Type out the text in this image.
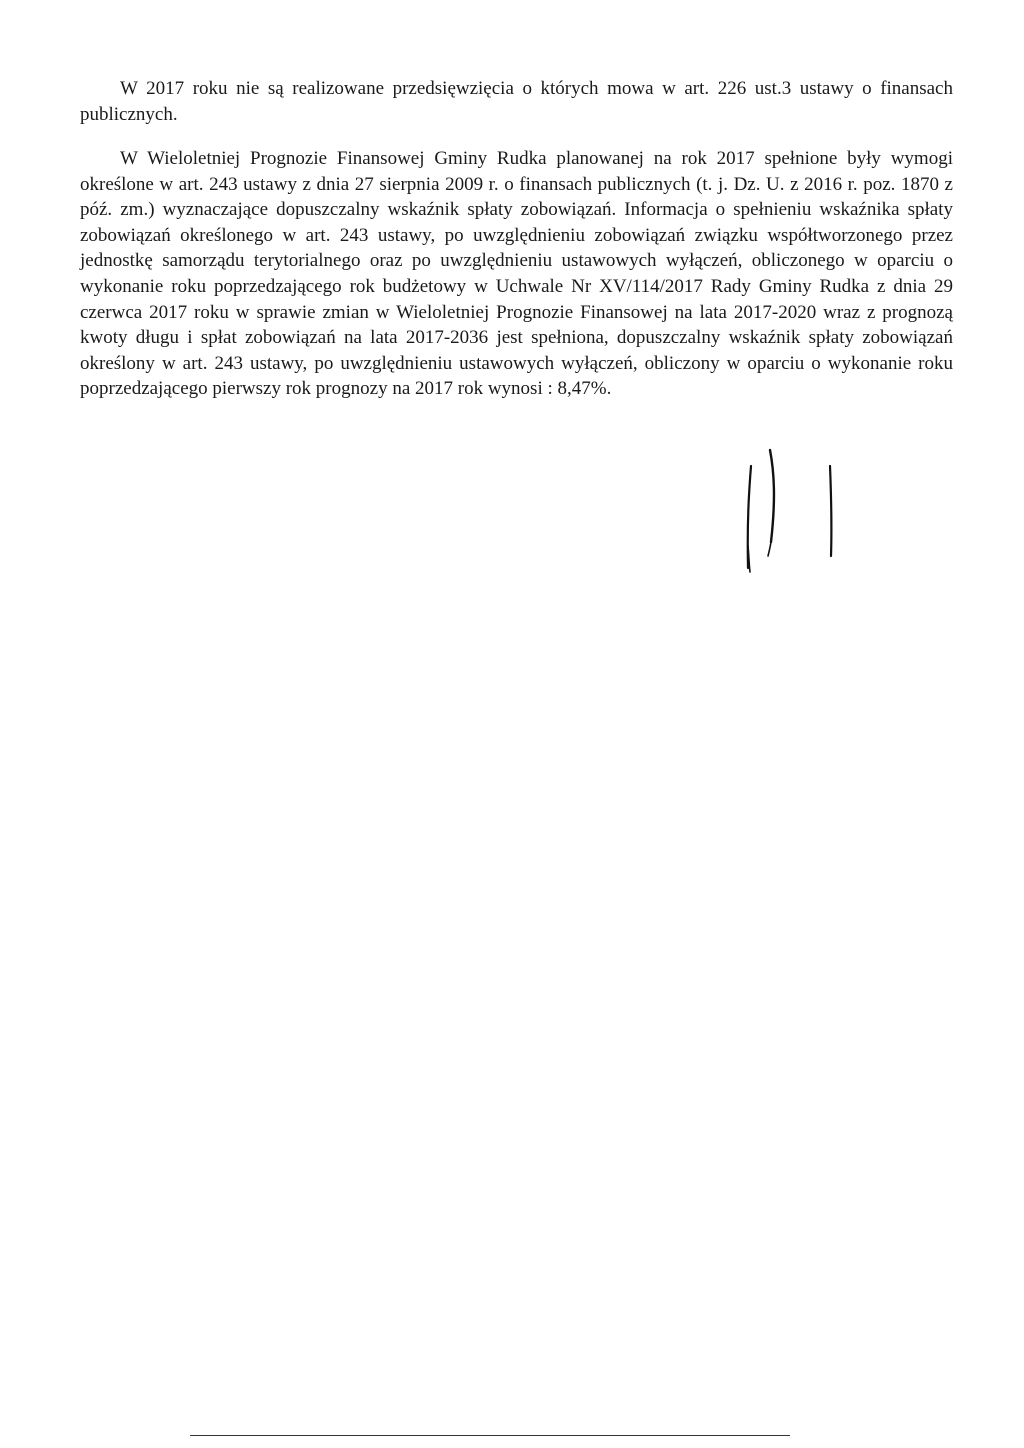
W 2017 roku nie są realizowane przedsięwzięcia o których mowa w art. 226 ust.3 ustawy o finansach publicznych.

W Wieloletniej Prognozie Finansowej Gminy Rudka planowanej na rok 2017 spełnione były wymogi określone w art. 243 ustawy z dnia 27 sierpnia 2009 r. o finansach publicznych (t. j. Dz. U. z 2016 r. poz. 1870 z póź. zm.) wyznaczające dopuszczalny wskaźnik spłaty zobowiązań. Informacja o spełnieniu wskaźnika spłaty zobowiązań określonego w art. 243 ustawy, po uwzględnieniu zobowiązań związku współtworzonego przez jednostkę samorządu terytorialnego oraz po uwzględnieniu ustawowych wyłączeń, obliczonego w oparciu o wykonanie roku poprzedzającego rok budżetowy w Uchwale Nr XV/114/2017 Rady Gminy Rudka z dnia 29 czerwca 2017 roku w sprawie zmian w Wieloletniej Prognozie Finansowej na lata 2017-2020 wraz z prognozą kwoty długu i spłat zobowiązań na lata 2017-2036 jest spełniona, dopuszczalny wskaźnik spłaty zobowiązań określony w art. 243 ustawy, po uwzględnieniu ustawowych wyłączeń, obliczony w oparciu o wykonanie roku poprzedzającego pierwszy rok prognozy na 2017 rok wynosi : 8,47%.
